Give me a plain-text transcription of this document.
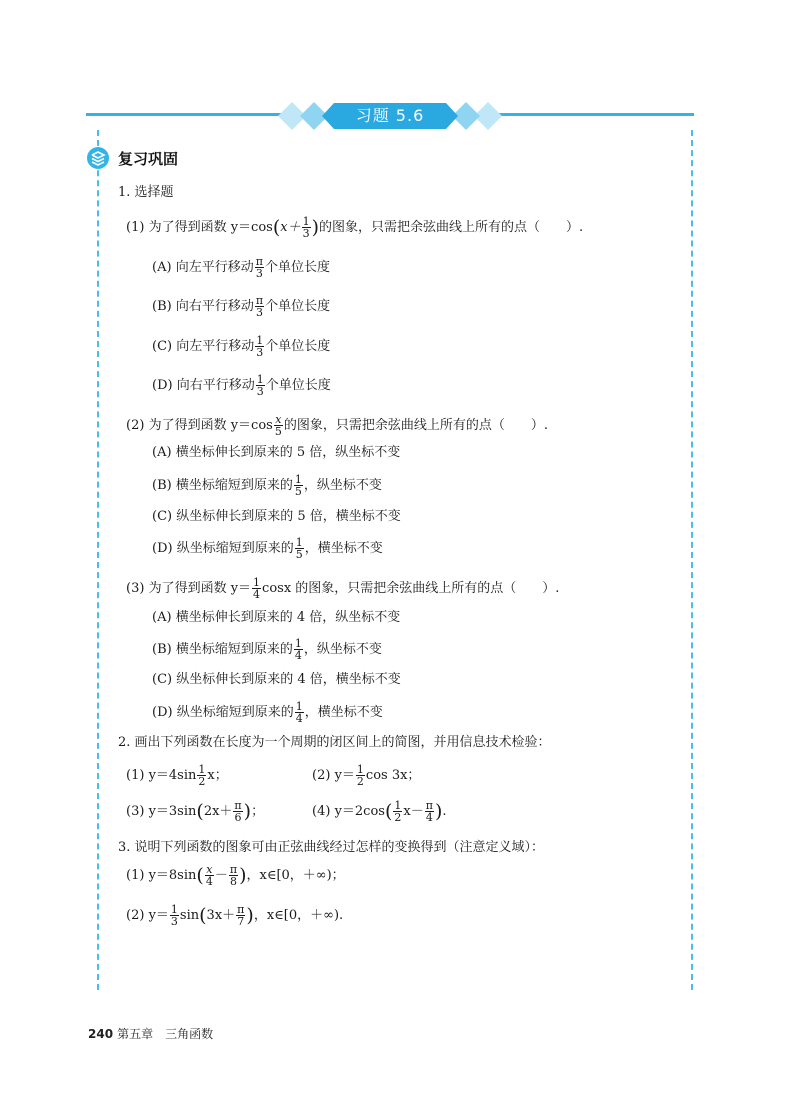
习题 5.6
复习巩固
1. 选择题
(1) 为了得到函数 $y=\cos(x+ \frac{1}{3}$ )的图象，只需把余弦曲线上所有的点（　　）.
(A) 向左平行移动 $\frac{\pi}{3}$ 个单位长度
(B) 向右平行移动 $\frac{\pi}{3}$ 个单位长度
(C) 向左平行移动 $\frac{1}{3}$ 个单位长度
(D) 向右平行移动 $\frac{1}{3}$ 个单位长度
(2) 为了得到函数 $y=\cos \frac{x}{5}$ 的图象，只需把余弦曲线上所有的点（　　）.
(A) 横坐标伸长到原来的 5 倍，纵坐标不变
(B) 横坐标缩短到原来的 $\frac{1}{5}$ ，纵坐标不变
(C) 纵坐标伸长到原来的 5 倍，横坐标不变
(D) 纵坐标缩短到原来的 $\frac{1}{5}$ ，横坐标不变
(3) 为了得到函数 $y= \frac{1}{4}$ cosx 的图象，只需把余弦曲线上所有的点（　　）.
(A) 横坐标伸长到原来的 4 倍，纵坐标不变
(B) 横坐标缩短到原来的 $\frac{1}{4}$ ，纵坐标不变
(C) 纵坐标伸长到原来的 4 倍，横坐标不变
(D) 纵坐标缩短到原来的 $\frac{1}{4}$ ，横坐标不变
2. 画出下列函数在长度为一个周期的闭区间上的简图，并用信息技术检验：
(1) $y=4\sin \frac{1}{2}$ x；	(2) $y= \frac{1}{2}$ cos 3x；
(3) $y=3\sin(2x+ \frac{\pi}{6}$ )；	(4) $y=2\cos( \frac{1}{2} x- \frac{\pi}{4}$ ).
3. 说明下列函数的图象可由正弦曲线经过怎样的变换得到（注意定义域）：
(1) $y=8\sin( \frac{x}{4} - \frac{\pi}{8}$ )，x∈[0，＋∞)；
(2) $y= \frac{1}{3} \sin(3x+ \frac{\pi}{7}$ )，x∈[0，＋∞).
240 第五章　三角函数
